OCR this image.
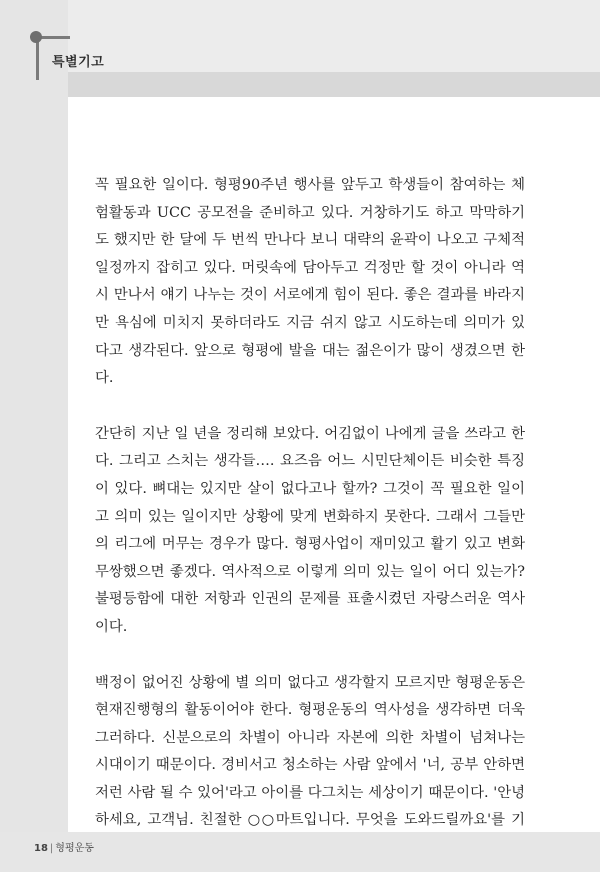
특별기고

꼭 필요한 일이다. 형평90주년 행사를 앞두고 학생들이 참여하는 체험활동과 UCC 공모전을 준비하고 있다. 거창하기도 하고 막막하기도 했지만 한 달에 두 번씩 만나다 보니 대략의 윤곽이 나오고 구체적 일정까지 잡히고 있다. 머릿속에 담아두고 걱정만 할 것이 아니라 역시 만나서 얘기 나누는 것이 서로에게 힘이 된다. 좋은 결과를 바라지만 욕심에 미치지 못하더라도 지금 쉬지 않고 시도하는데 의미가 있다고 생각된다. 앞으로 형평에 발을 대는 젊은이가 많이 생겼으면 한다.

간단히 지난 일 년을 정리해 보았다. 어김없이 나에게 글을 쓰라고 한다. 그리고 스치는 생각들…. 요즈음 어느 시민단체이든 비슷한 특징이 있다. 뼈대는 있지만 살이 없다고나 할까? 그것이 꼭 필요한 일이고 의미 있는 일이지만 상황에 맞게 변화하지 못한다. 그래서 그들만의 리그에 머무는 경우가 많다. 형평사업이 재미있고 활기 있고 변화무쌍했으면 좋겠다. 역사적으로 이렇게 의미 있는 일이 어디 있는가? 불평등함에 대한 저항과 인권의 문제를 표출시켰던 자랑스러운 역사이다.

백정이 없어진 상황에 별 의미 없다고 생각할지 모르지만 형평운동은 현재진행형의 활동이어야 한다. 형평운동의 역사성을 생각하면 더욱 그러하다. 신분으로의 차별이 아니라 자본에 의한 차별이 넘쳐나는 시대이기 때문이다. 경비서고 청소하는 사람 앞에서 '너, 공부 안하면 저런 사람 될 수 있어'라고 아이를 다그치는 세상이기 때문이다. '안녕하세요, 고객님. 친절한 ○○마트입니다. 무엇을 도와드릴까요'를 기

18 | 형평운동
